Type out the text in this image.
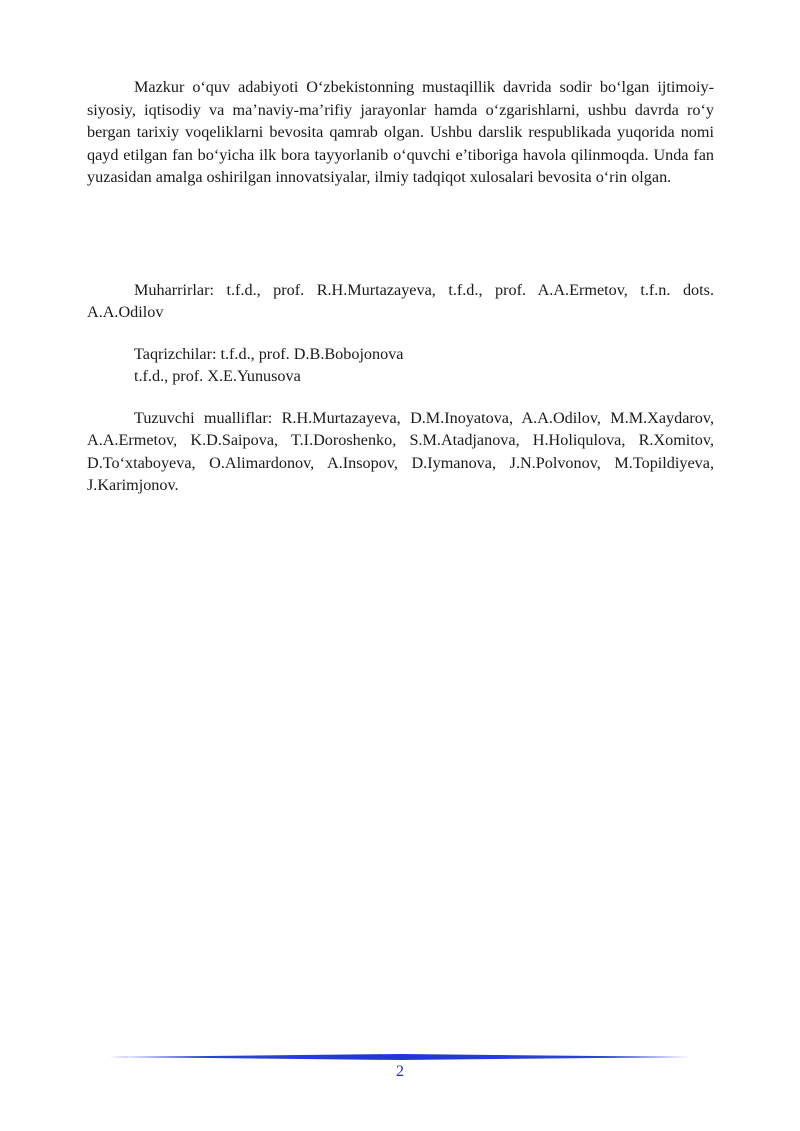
Mazkur o‘quv adabiyoti O‘zbekistonning mustaqillik davrida sodir bo‘lgan ijtimoiy-siyosiy, iqtisodiy va maʼnaviy-maʼrifiy jarayonlar hamda o‘zgarishlarni, ushbu davrda ro‘y bergan tarixiy voqeliklarni bevosita qamrab olgan. Ushbu darslik respublikada yuqorida nomi qayd etilgan fan bo‘yicha ilk bora tayyorlanib o‘quvchi e’tiboriga havola qilinmoqda. Unda fan yuzasidan amalga oshirilgan innovatsiyalar, ilmiy tadqiqot xulosalari bevosita o‘rin olgan.

Muharrirlar: t.f.d., prof. R.H.Murtazayeva, t.f.d., prof. A.A.Ermetov, t.f.n. dots. A.A.Odilov

Taqrizchilar: t.f.d., prof. D.B.Bobojonova
t.f.d., prof. X.E.Yunusova

Tuzuvchi mualliflar: R.H.Murtazayeva, D.M.Inoyatova, A.A.Odilov, M.M.Xaydarov, A.A.Ermetov, K.D.Saipova, T.I.Doroshenko, S.M.Atadjanova, H.Holiqulova, R.Xomitov, D.To‘xtaboyeva, O.Alimardonov, A.Insopov, D.Iymanova, J.N.Polvonov, M.Topildiyeva, J.Karimjonov.

2
